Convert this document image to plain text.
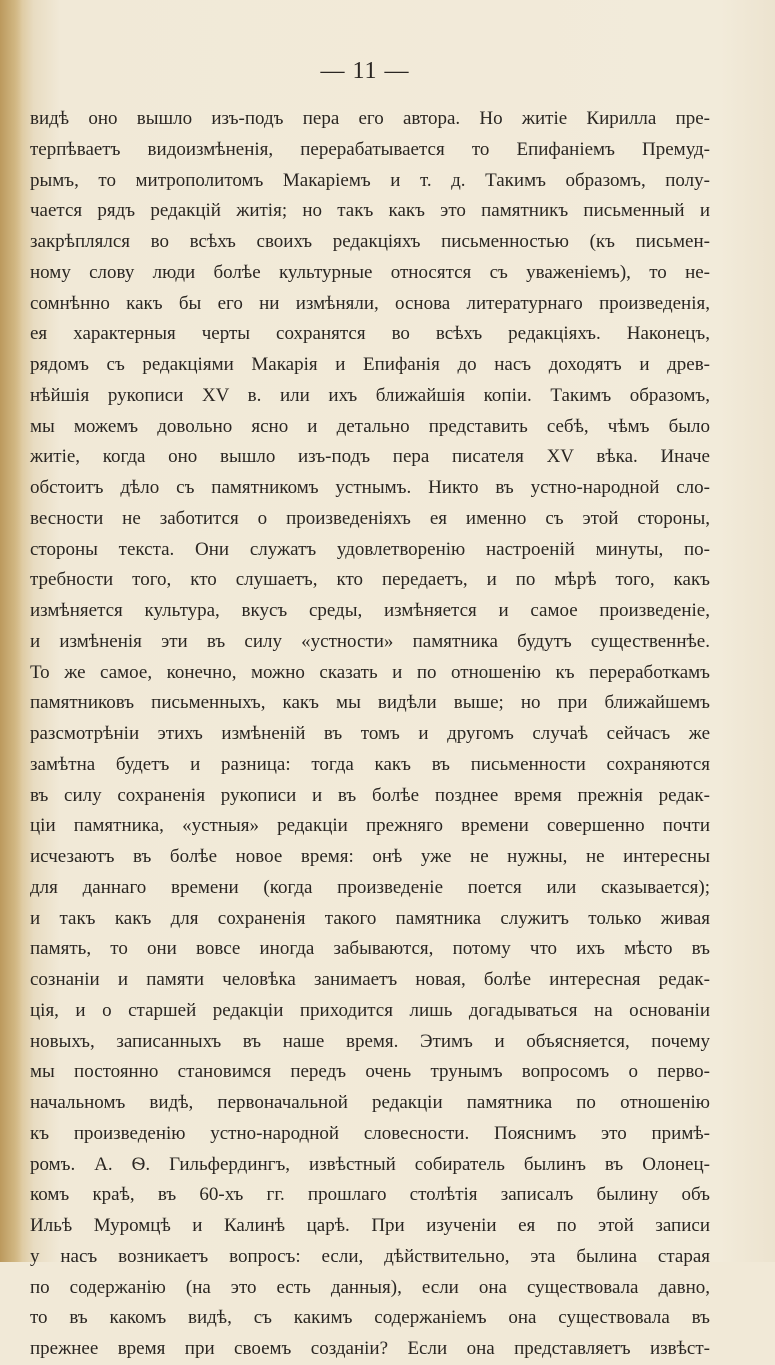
— 11 —
видѣ оно вышло изъ-подъ пера его автора. Но житіе Кирилла пре-
терпѣваетъ видоизмѣненія, перерабатывается то Епифаніемъ Премуд-
рымъ, то митрополитомъ Макаріемъ и т. д. Такимъ образомъ, полу-
чается рядъ редакцій житія; но такъ какъ это памятникъ письменный и
закрѣплялся во всѣхъ своихъ редакціяхъ письменностью (къ письмен-
ному слову люди болѣе культурные относятся съ уваженіемъ), то не-
сомнѣнно какъ бы его ни измѣняли, основа литературнаго произведенія,
ея характерныя черты сохранятся во всѣхъ редакціяхъ. Наконецъ,
рядомъ съ редакціями Макарія и Епифанія до насъ доходятъ и древ-
нѣйшія рукописи XV в. или ихъ ближайшія копіи. Такимъ образомъ,
мы можемъ довольно ясно и детально представить себѣ, чѣмъ было
житіе, когда оно вышло изъ-подъ пера писателя XV вѣка. Иначе
обстоитъ дѣло съ памятникомъ устнымъ. Никто въ устно-народной сло-
весности не заботится о произведеніяхъ ея именно съ этой стороны,
стороны текста. Они служатъ удовлетворенію настроеній минуты, по-
требности того, кто слушаетъ, кто передаетъ, и по мѣрѣ того, какъ
измѣняется культура, вкусъ среды, измѣняется и самое произведеніе,
и измѣненія эти въ силу «устности» памятника будутъ существеннѣе.
То же самое, конечно, можно сказать и по отношенію къ переработкамъ
памятниковъ письменныхъ, какъ мы видѣли выше; но при ближайшемъ
разсмотрѣніи этихъ измѣненій въ томъ и другомъ случаѣ сейчасъ же
замѣтна будетъ и разница: тогда какъ въ письменности сохраняются
въ силу сохраненія рукописи и въ болѣе позднее время прежнія редак-
ціи памятника, «устныя» редакціи прежняго времени совершенно почти
исчезаютъ въ болѣе новое время: онѣ уже не нужны, не интересны
для даннаго времени (когда произведеніе поется или сказывается);
и такъ какъ для сохраненія такого памятника служитъ только живая
память, то они вовсе иногда забываются, потому что ихъ мѣсто въ
сознаніи и памяти человѣка занимаетъ новая, болѣе интересная редак-
ція, и о старшей редакціи приходится лишь догадываться на основаніи
новыхъ, записанныхъ въ наше время. Этимъ и объясняется, почему
мы постоянно становимся передъ очень трунымъ вопросомъ о перво-
начальномъ видѣ, первоначальной редакціи памятника по отношенію
къ произведенію устно-народной словесности. Пояснимъ это примѣ-
ромъ. А. Ѳ. Гильфердингъ, извѣстный собиратель былинъ въ Олонец-
комъ краѣ, въ 60-хъ гг. прошлаго столѣтія записалъ былину объ
Ильѣ Муромцѣ и Калинѣ царѣ. При изученіи ея по этой записи
у насъ возникаетъ вопросъ: если, дѣйствительно, эта былина старая
по содержанію (на это есть данныя), если она существовала давно,
то въ какомъ видѣ, съ какимъ содержаніемъ она существовала въ
прежнее время при своемъ созданіи? Если она представляетъ извѣст-
